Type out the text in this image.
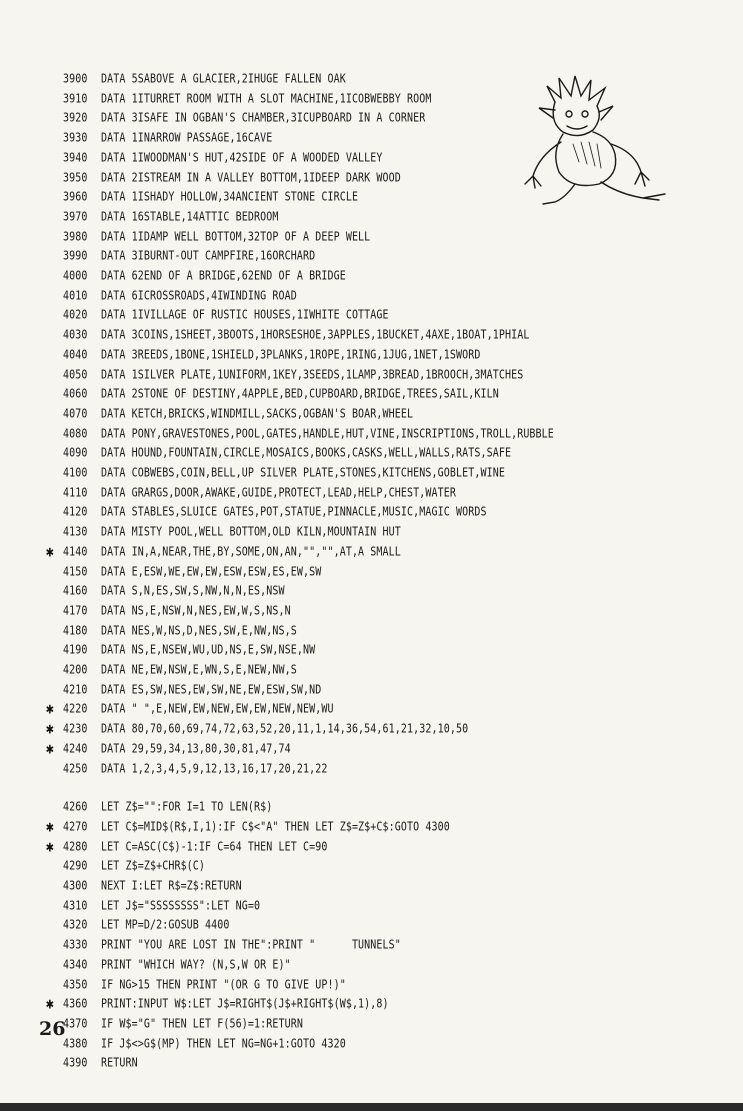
3900 DATA 5SABOVE A GLACIER,2IHUGE FALLEN OAK
3910 DATA 1ITURRET ROOM WITH A SLOT MACHINE,1ICOBWEBBY ROOM
3920 DATA 3ISAFE IN OGBAN'S CHAMBER,3ICUPBOARD IN A CORNER
3930 DATA 1INARROW PASSAGE,16CAVE
3940 DATA 1IWOODMAN'S HUT,42SIDE OF A WOODED VALLEY
3950 DATA 2ISTREAM IN A VALLEY BOTTOM,1IDEEP DARK WOOD
3960 DATA 1ISHADY HOLLOW,34ANCIENT STONE CIRCLE
3970 DATA 16STABLE,14ATTIC BEDROOM
3980 DATA 1IDAMP WELL BOTTOM,32TOP OF A DEEP WELL
3990 DATA 3IBURNT-OUT CAMPFIRE,16ORCHARD
4000 DATA 62END OF A BRIDGE,62END OF A BRIDGE
4010 DATA 6ICROSSROADS,4IWINDING ROAD
4020 DATA 1IVILLAGE OF RUSTIC HOUSES,1IWHITE COTTAGE
4030 DATA 3COINS,1SHEET,3BOOTS,1HORSESHOE,3APPLES,1BUCKET,4AXE,1BOAT,1PHIAL
4040 DATA 3REEDS,1BONE,1SHIELD,3PLANKS,1ROPE,1RING,1JUG,1NET,1SWORD
4050 DATA 1SILVER PLATE,1UNIFORM,1KEY,3SEEDS,1LAMP,3BREAD,1BROOCH,3MATCHES
4060 DATA 2STONE OF DESTINY,4APPLE,BED,CUPBOARD,BRIDGE,TREES,SAIL,KILN
4070 DATA KETCH,BRICKS,WINDMILL,SACKS,OGBAN'S BOAR,WHEEL
4080 DATA PONY,GRAVESTONES,POOL,GATES,HANDLE,HUT,VINE,INSCRIPTIONS,TROLL,RUBBLE
4090 DATA HOUND,FOUNTAIN,CIRCLE,MOSAICS,BOOKS,CASKS,WELL,WALLS,RATS,SAFE
4100 DATA COBWEBS,COIN,BELL,UP SILVER PLATE,STONES,KITCHENS,GOBLET,WINE
4110 DATA GRARGS,DOOR,AWAKE,GUIDE,PROTECT,LEAD,HELP,CHEST,WATER
4120 DATA STABLES,SLUICE GATES,POT,STATUE,PINNACLE,MUSIC,MAGIC WORDS
4130 DATA MISTY POOL,WELL BOTTOM,OLD KILN,MOUNTAIN HUT
✱ 4140 DATA IN,A,NEAR,THE,BY,SOME,ON,AN,"","",AT,A SMALL
4150 DATA E,ESW,WE,EW,EW,ESW,ESW,ES,EW,SW
4160 DATA S,N,ES,SW,S,NW,N,N,ES,NSW
4170 DATA NS,E,NSW,N,NES,EW,W,S,NS,N
4180 DATA NES,W,NS,D,NES,SW,E,NW,NS,S
4190 DATA NS,E,NSEW,WU,UD,NS,E,SW,NSE,NW
4200 DATA NE,EW,NSW,E,WN,S,E,NEW,NW,S
4210 DATA ES,SW,NES,EW,SW,NE,EW,ESW,SW,ND
✱ 4220 DATA " ",E,NEW,EW,NEW,EW,EW,NEW,NEW,WU
✱ 4230 DATA 80,70,60,69,74,72,63,52,20,11,1,14,36,54,61,21,32,10,50
✱ 4240 DATA 29,59,34,13,80,30,81,47,74
4250 DATA 1,2,3,4,5,9,12,13,16,17,20,21,22
4260 LET Z$="":FOR I=1 TO LEN(R$)
✱ 4270 LET C$=MID$(R$,I,1):IF C$<"A" THEN LET Z$=Z$+C$:GOTO 4300
✱ 4280 LET C=ASC(C$)-1:IF C=64 THEN LET C=90
4290 LET Z$=Z$+CHR$(C)
4300 NEXT I:LET R$=Z$:RETURN
4310 LET J$="SSSSSSSS":LET NG=0
4320 LET MP=D/2:GOSUB 4400
4330 PRINT "YOU ARE LOST IN THE":PRINT "      TUNNELS"
4340 PRINT "WHICH WAY? (N,S,W OR E)"
4350 IF NG>15 THEN PRINT "(OR G TO GIVE UP!)"
✱ 4360 PRINT:INPUT W$:LET J$=RIGHT$(J$+RIGHT$(W$,1),8)
4370 IF W$="G" THEN LET F(56)=1:RETURN
4380 IF J$<>G$(MP) THEN LET NG=NG+1:GOTO 4320
4390 RETURN
26
